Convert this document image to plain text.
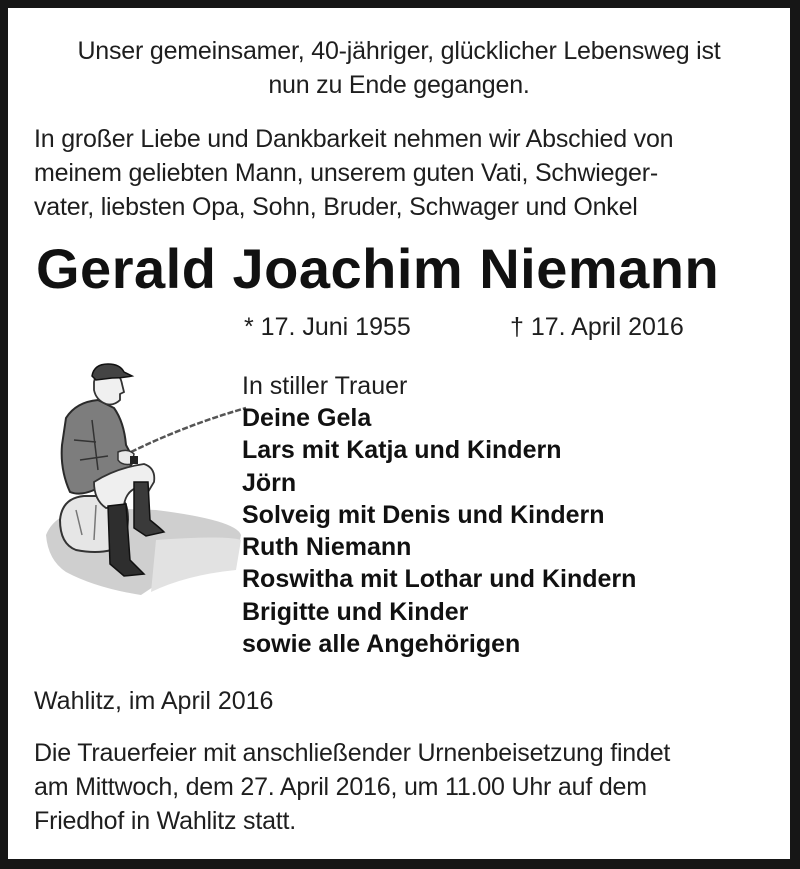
Unser gemeinsamer, 40-jähriger, glücklicher Lebensweg ist
nun zu Ende gegangen.
In großer Liebe und Dankbarkeit nehmen wir Abschied von
meinem geliebten Mann, unserem guten Vati, Schwieger-
vater, liebsten Opa, Sohn, Bruder, Schwager und Onkel
Gerald Joachim Niemann
* 17. Juni 1955	† 17. April 2016
In stiller Trauer
Deine Gela
Lars mit Katja und Kindern
Jörn
Solveig mit Denis und Kindern
Ruth Niemann
Roswitha mit Lothar und Kindern
Brigitte und Kinder
sowie alle Angehörigen
Wahlitz, im April 2016
Die Trauerfeier mit anschließender Urnenbeisetzung findet
am Mittwoch, dem 27. April 2016, um 11.00 Uhr auf dem
Friedhof in Wahlitz statt.
